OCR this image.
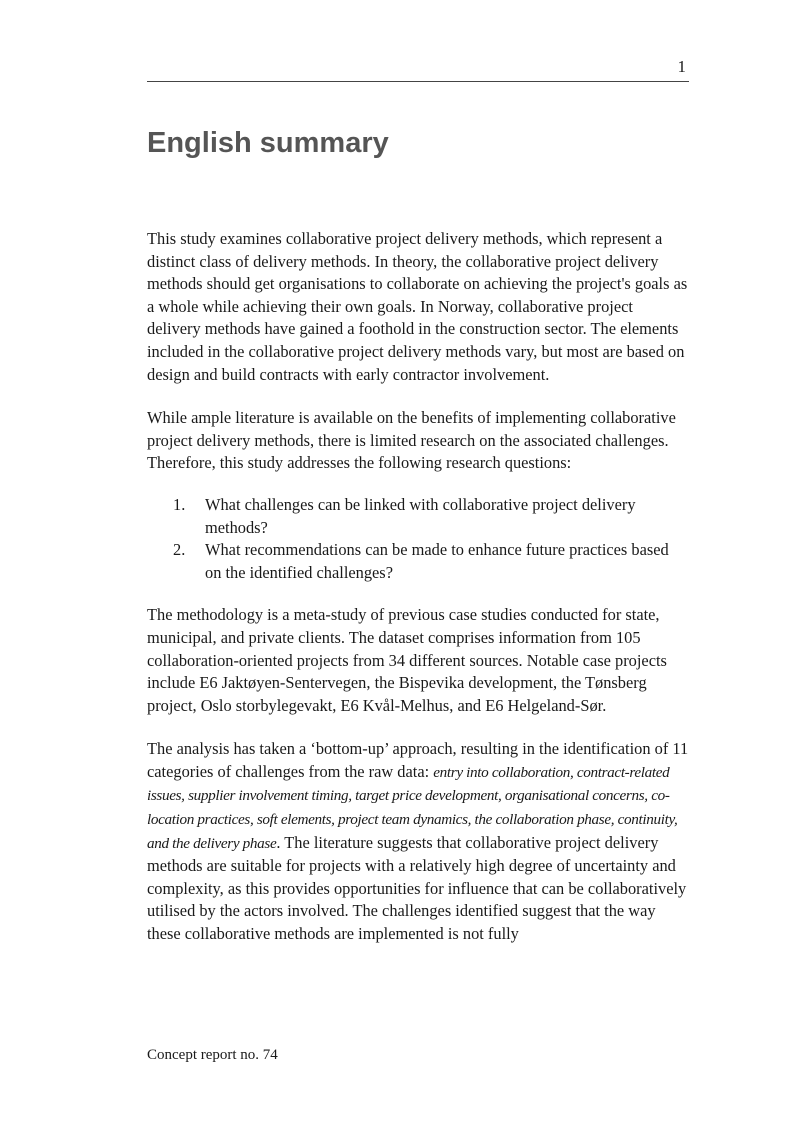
1
English summary

This study examines collaborative project delivery methods, which represent a distinct class of delivery methods. In theory, the collaborative project delivery methods should get organisations to collaborate on achieving the project's goals as a whole while achieving their own goals. In Norway, collaborative project delivery methods have gained a foothold in the construction sector. The elements included in the collaborative project delivery methods vary, but most are based on design and build contracts with early contractor involvement.

While ample literature is available on the benefits of implementing collaborative project delivery methods, there is limited research on the associated challenges. Therefore, this study addresses the following research questions:

1. What challenges can be linked with collaborative project delivery methods?
2. What recommendations can be made to enhance future practices based on the identified challenges?

The methodology is a meta-study of previous case studies conducted for state, municipal, and private clients. The dataset comprises information from 105 collaboration-oriented projects from 34 different sources. Notable case projects include E6 Jaktøyen-Sentervegen, the Bispevika development, the Tønsberg project, Oslo storbylegevakt, E6 Kvål-Melhus, and E6 Helgeland-Sør.

The analysis has taken a ‘bottom-up’ approach, resulting in the identification of 11 categories of challenges from the raw data: entry into collaboration, contract-related issues, supplier involvement timing, target price development, organisational concerns, co-location practices, soft elements, project team dynamics, the collaboration phase, continuity, and the delivery phase. The literature suggests that collaborative project delivery methods are suitable for projects with a relatively high degree of uncertainty and complexity, as this provides opportunities for influence that can be collaboratively utilised by the actors involved. The challenges identified suggest that the way these collaborative methods are implemented is not fully

Concept report no. 74
